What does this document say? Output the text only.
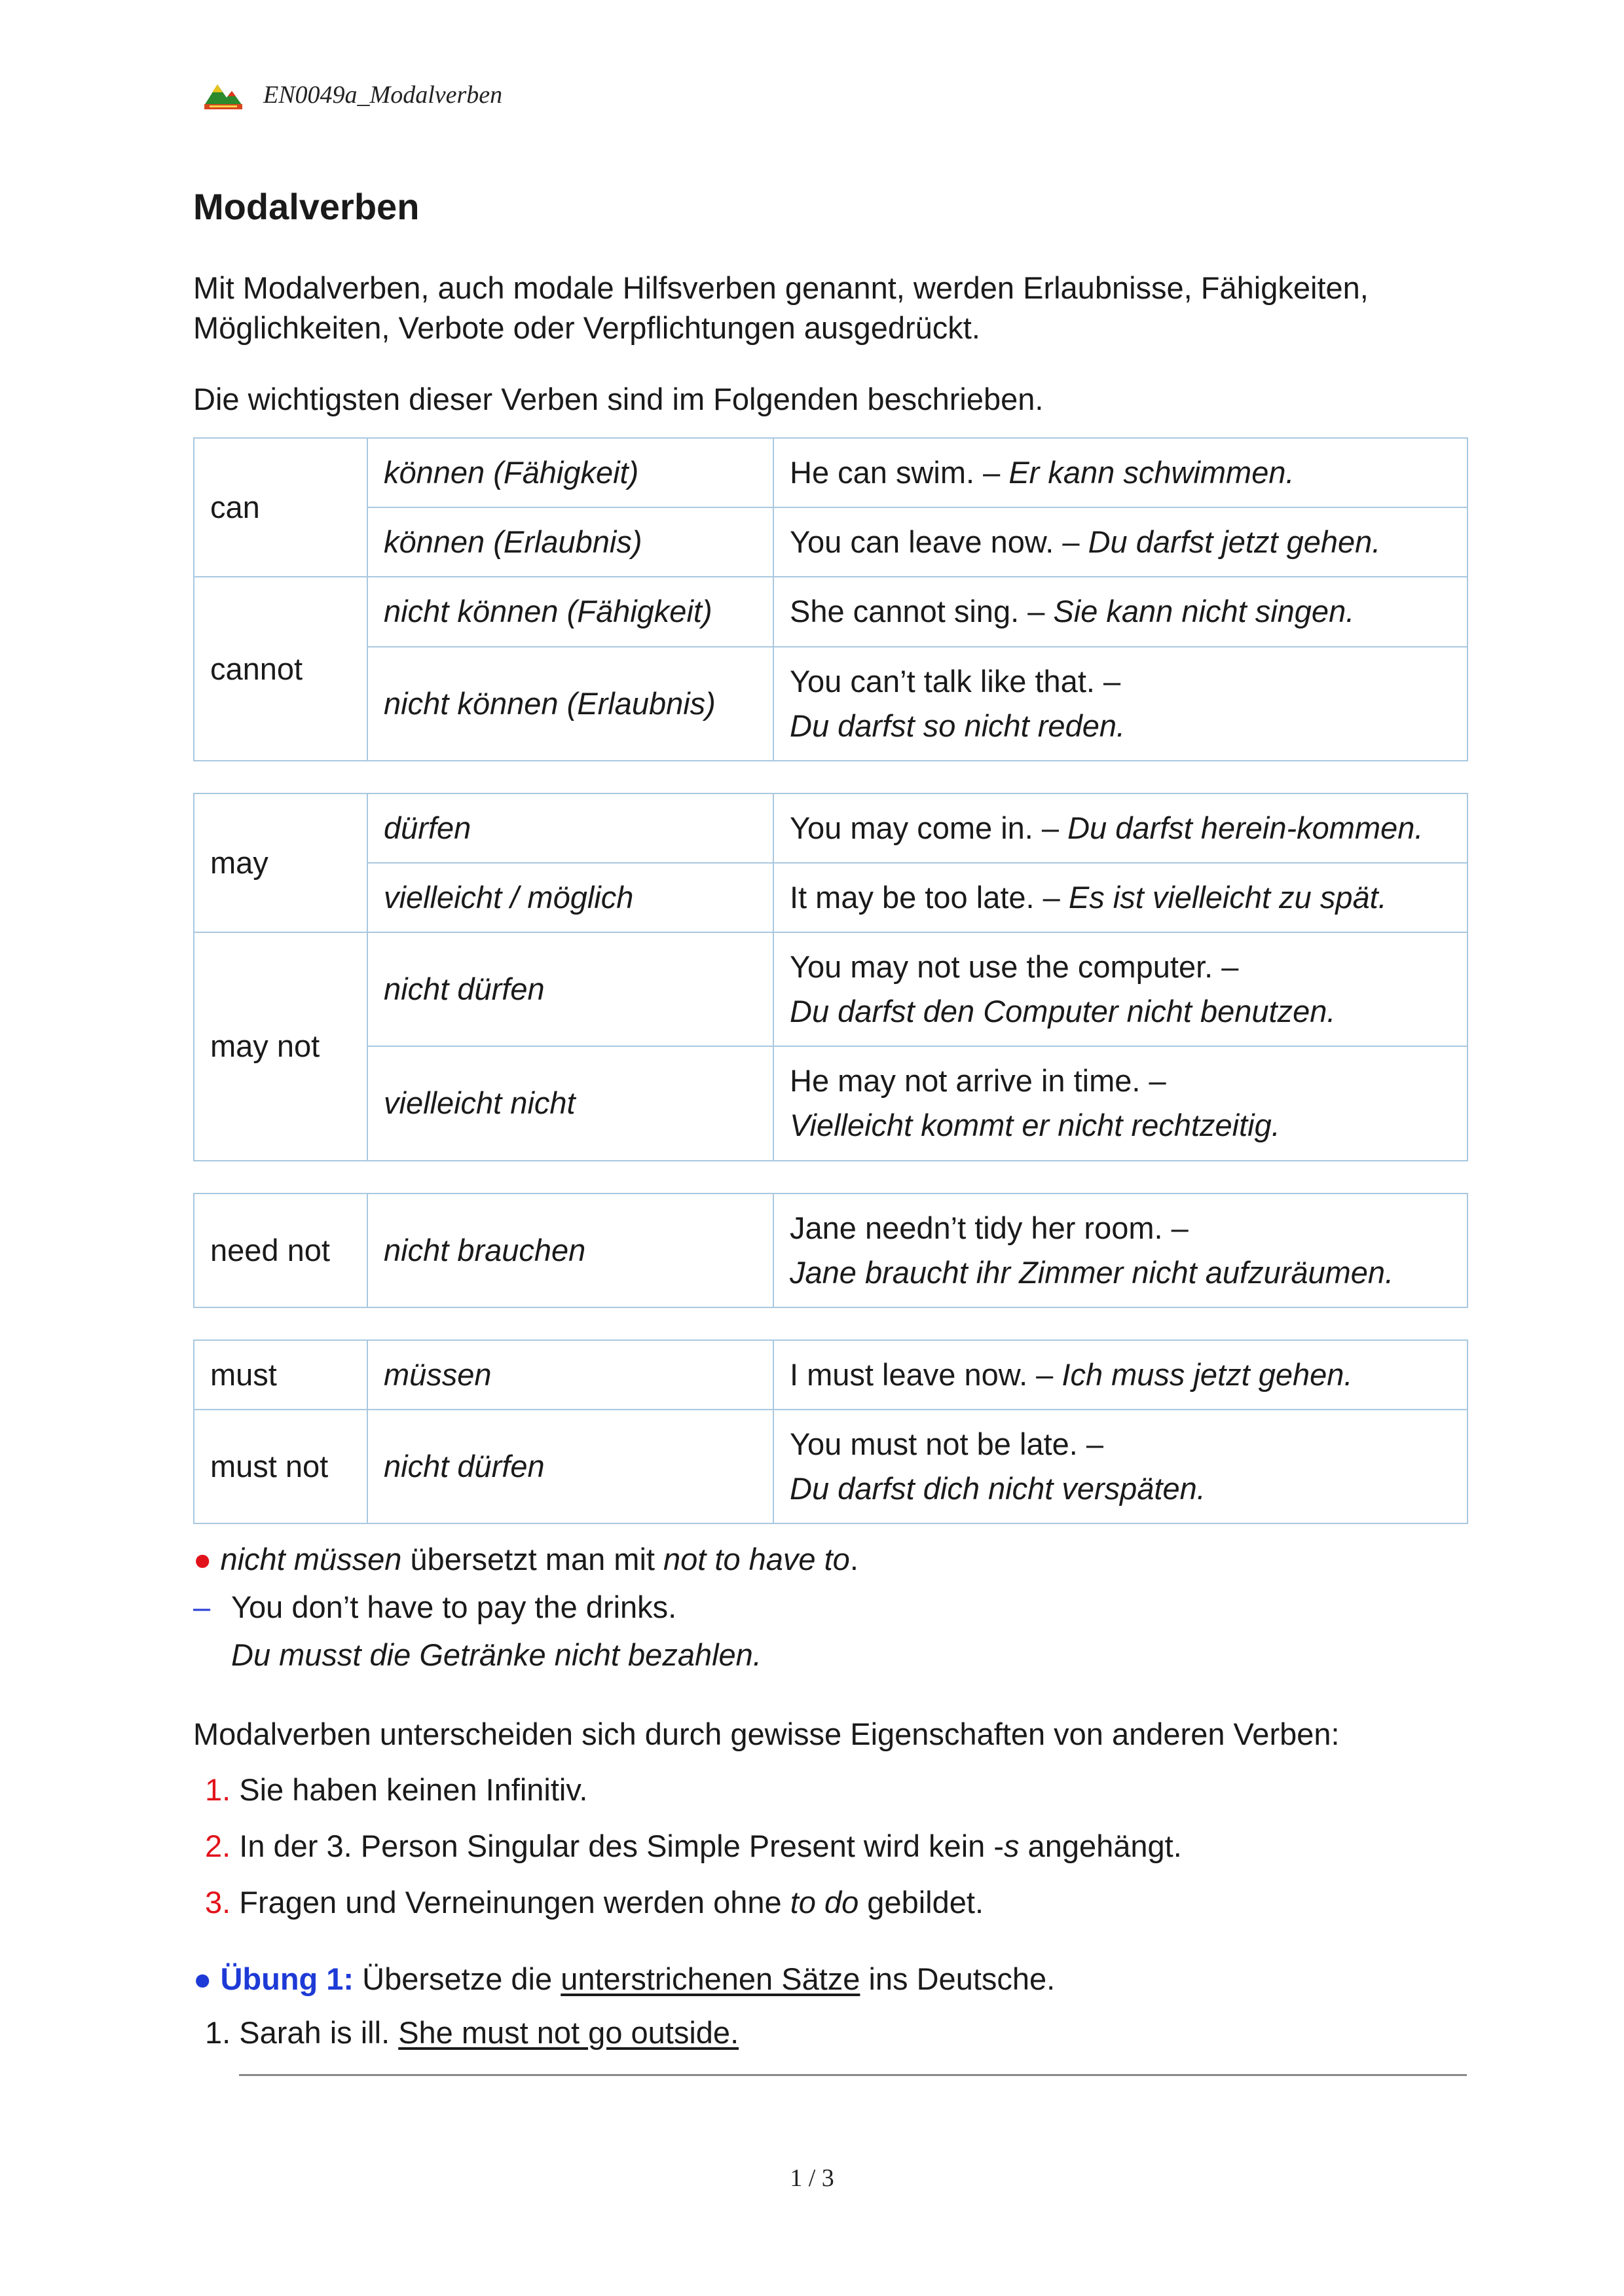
EN0049a_Modalverben
Modalverben

Mit Modalverben, auch modale Hilfsverben genannt, werden Erlaubnisse, Fähigkeiten, Möglichkeiten, Verbote oder Verpflichtungen ausgedrückt.

Die wichtigsten dieser Verben sind im Folgenden beschrieben.

can	können (Fähigkeit)	He can swim. – Er kann schwimmen.
	können (Erlaubnis)	You can leave now. – Du darfst jetzt gehen.
cannot	nicht können (Fähigkeit)	She cannot sing. – Sie kann nicht singen.
	nicht können (Erlaubnis)	You can’t talk like that. –
Du darfst so nicht reden.
may	dürfen	You may come in. – Du darfst herein-kommen.
	vielleicht / möglich	It may be too late. – Es ist vielleicht zu spät.
may not	nicht dürfen	You may not use the computer. –
Du darfst den Computer nicht benutzen.
	vielleicht nicht	He may not arrive in time. –
Vielleicht kommt er nicht rechtzeitig.
need not	nicht brauchen	Jane needn’t tidy her room. –
Jane braucht ihr Zimmer nicht aufzuräumen.
must	müssen	I must leave now. – Ich muss jetzt gehen.
must not	nicht dürfen	You must not be late. –
Du darfst dich nicht verspäten.

● nicht müssen übersetzt man mit not to have to.

– You don’t have to pay the drinks.

Du musst die Getränke nicht bezahlen.

Modalverben unterscheiden sich durch gewisse Eigenschaften von anderen Verben:

1. Sie haben keinen Infinitiv.
2. In der 3. Person Singular des Simple Present wird kein -s angehängt.
3. Fragen und Verneinungen werden ohne to do gebildet.

● Übung 1: Übersetze die unterstrichenen Sätze ins Deutsche.

1. Sarah is ill. She must not go outside.

1 / 3
